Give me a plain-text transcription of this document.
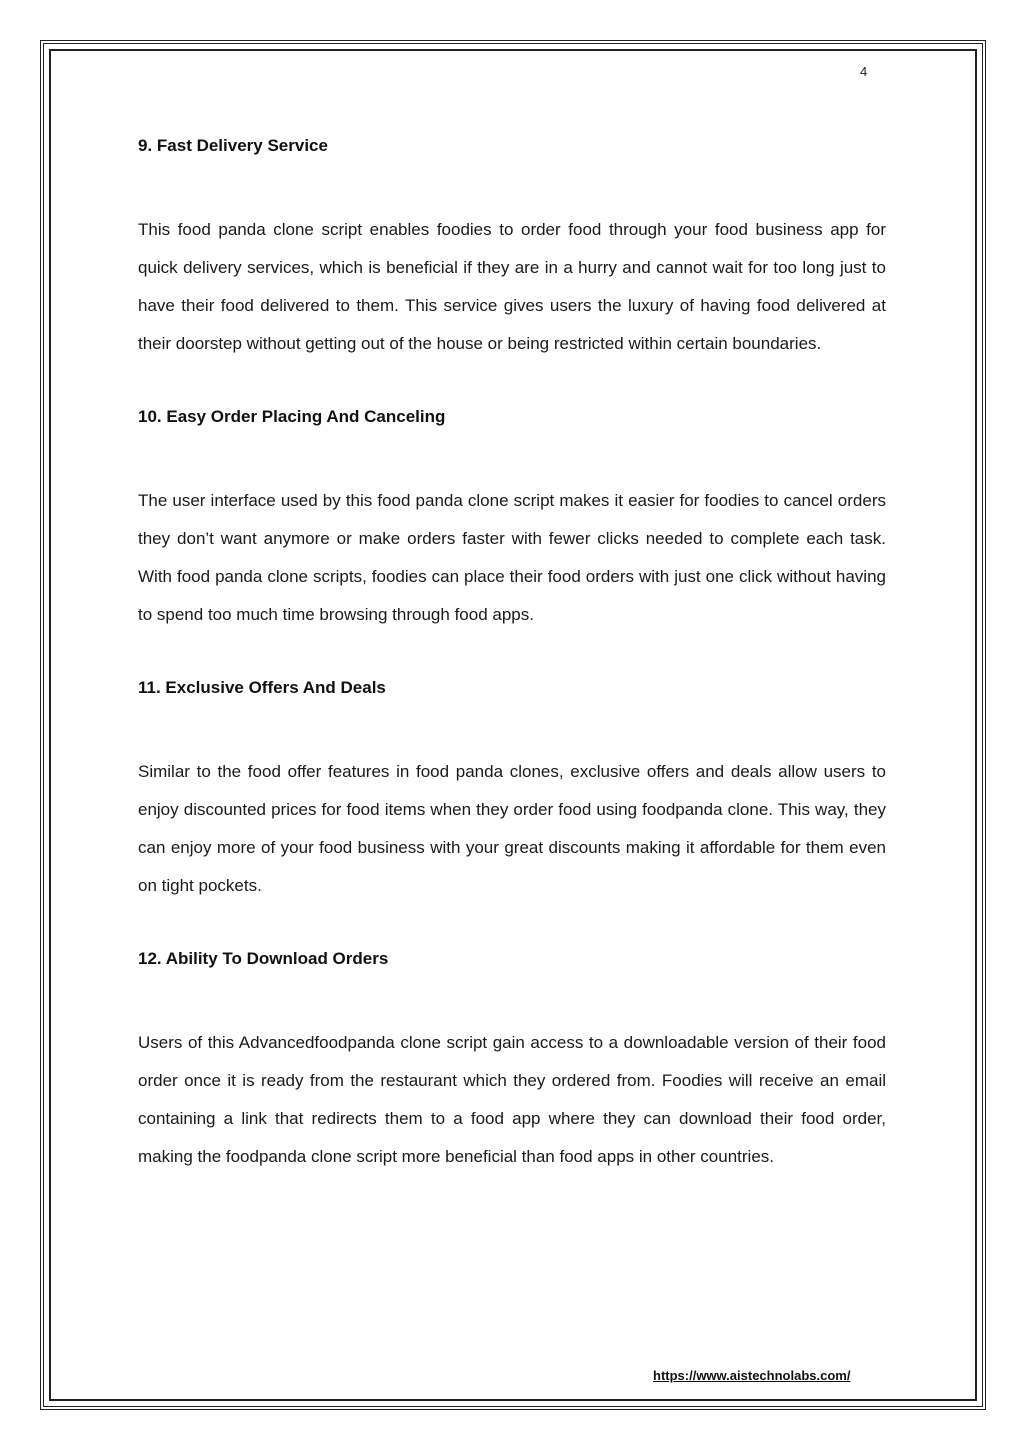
4
9. Fast Delivery Service

This food panda clone script enables foodies to order food through your food business app for quick delivery services, which is beneficial if they are in a hurry and cannot wait for too long just to have their food delivered to them. This service gives users the luxury of having food delivered at their doorstep without getting out of the house or being restricted within certain boundaries.

10. Easy Order Placing And Canceling

The user interface used by this food panda clone script makes it easier for foodies to cancel orders they don’t want anymore or make orders faster with fewer clicks needed to complete each task. With food panda clone scripts, foodies can place their food orders with just one click without having to spend too much time browsing through food apps.

11. Exclusive Offers And Deals

Similar to the food offer features in food panda clones, exclusive offers and deals allow users to enjoy discounted prices for food items when they order food using foodpanda clone. This way, they can enjoy more of your food business with your great discounts making it affordable for them even on tight pockets.

12. Ability To Download Orders

Users of this Advancedfoodpanda clone script gain access to a downloadable version of their food order once it is ready from the restaurant which they ordered from. Foodies will receive an email containing a link that redirects them to a food app where they can download their food order, making the foodpanda clone script more beneficial than food apps in other countries.

https://www.aistechnolabs.com/
